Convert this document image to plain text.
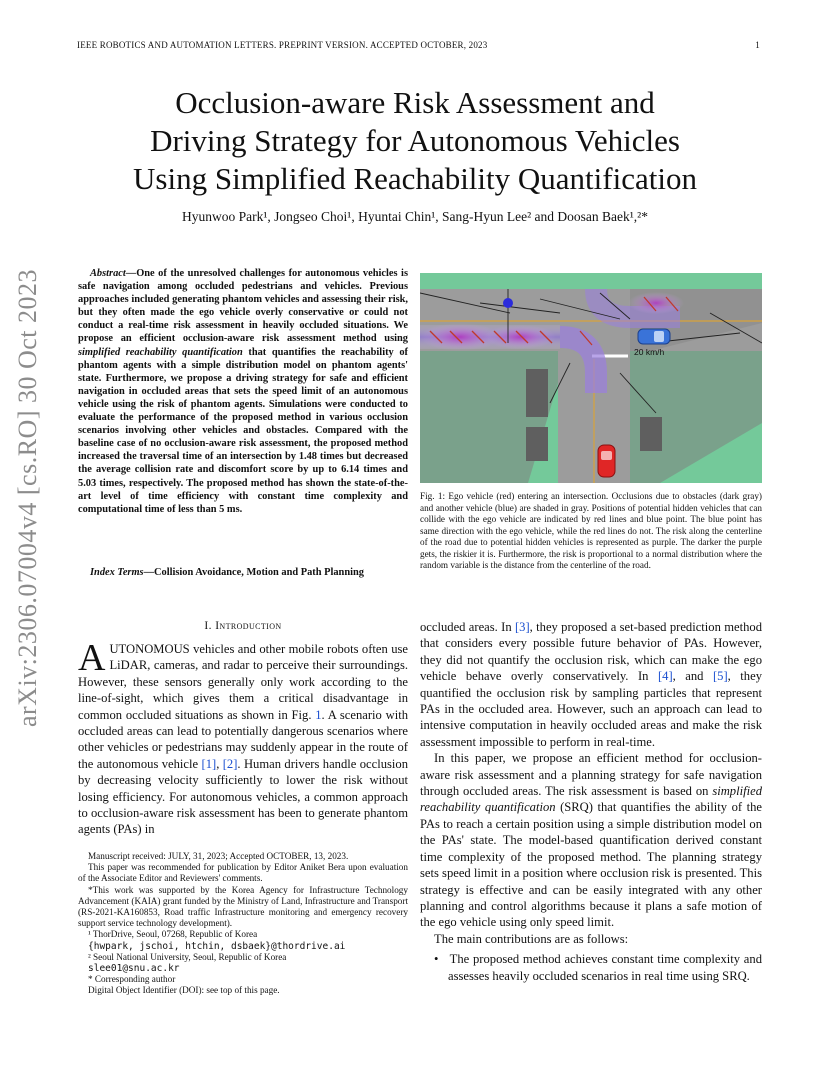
IEEE ROBOTICS AND AUTOMATION LETTERS. PREPRINT VERSION. ACCEPTED OCTOBER, 2023	1
Occlusion-aware Risk Assessment and
Driving Strategy for Autonomous Vehicles
Using Simplified Reachability Quantification
Hyunwoo Park¹, Jongseo Choi¹, Hyuntai Chin¹, Sang-Hyun Lee² and Doosan Baek¹,²*
arXiv:2306.07004v4 [cs.RO] 30 Oct 2023	Abstract—One of the unresolved challenges for autonomous vehicles is safe navigation among occluded pedestrians and vehicles. Previous approaches included generating phantom vehicles and assessing their risk, but they often made the ego vehicle overly conservative or could not conduct a real-time risk assessment in heavily occluded situations. We propose an efficient occlusion-aware risk assessment method using simplified reachability quantification that quantifies the reachability of phantom agents with a simple distribution model on phantom agents' state. Furthermore, we propose a driving strategy for safe and efficient navigation in occluded areas that sets the speed limit of an autonomous vehicle using the risk of phantom agents. Simulations were conducted to evaluate the performance of the proposed method in various occlusion scenarios involving other vehicles and obstacles. Compared with the baseline case of no occlusion-aware risk assessment, the proposed method increased the traversal time of an intersection by 1.48 times but decreased the average collision rate and discomfort score by up to 6.14 times and 5.03 times, respectively. The proposed method has shown the state-of-the-art level of time efficiency with constant time complexity and computational time of less than 5 ms.
Index Terms—Collision Avoidance, Motion and Path Planning
20 km/h
Fig. 1: Ego vehicle (red) entering an intersection. Occlusions due to obstacles (dark gray) and another vehicle (blue) are shaded in gray. Positions of potential hidden vehicles that can collide with the ego vehicle are indicated by red lines and blue point. The blue point has same direction with the ego vehicle, while the red lines do not. The risk along the centerline of the road due to potential hidden vehicles is represented as purple. The darker the purple gets, the riskier it is. Furthermore, the risk is proportional to a normal distribution where the random variable is the distance from the centerline of the road.
I. Introduction
AUTONOMOUS vehicles and other mobile robots often use LiDAR, cameras, and radar to perceive their surroundings. However, these sensors generally only work according to the line-of-sight, which gives them a critical disadvantage in common occluded situations as shown in Fig. 1. A scenario with occluded areas can lead to potentially dangerous scenarios where other vehicles or pedestrians may suddenly appear in the route of the autonomous vehicle [1], [2]. Human drivers handle occlusion by decreasing velocity sufficiently to lower the risk without losing efficiency. For autonomous vehicles, a common approach to occlusion-aware risk assessment has been to generate phantom agents (PAs) in

Manuscript received: JULY, 31, 2023; Accepted OCTOBER, 13, 2023.

This paper was recommended for publication by Editor Aniket Bera upon evaluation of the Associate Editor and Reviewers' comments.

*This work was supported by the Korea Agency for Infrastructure Technology Advancement (KAIA) grant funded by the Ministry of Land, Infrastructure and Transport (RS-2021-KA160853, Road traffic Infrastructure monitoring and emergency recovery support service technology development).

¹ ThorDrive, Seoul, 07268, Republic of Korea

{hwpark, jschoi, htchin, dsbaek}@thordrive.ai

² Seoul National University, Seoul, Republic of Korea

slee01@snu.ac.kr

* Corresponding author

Digital Object Identifier (DOI): see top of this page.

occluded areas. In [3], they proposed a set-based prediction method that considers every possible future behavior of PAs. However, they did not quantify the occlusion risk, which can make the ego vehicle behave overly conservatively. In [4], and [5], they quantified the occlusion risk by sampling particles that represent PAs in the occluded area. However, such an approach can lead to intensive computation in heavily occluded areas and make the risk assessment impossible to perform in real-time.

In this paper, we propose an efficient method for occlusion-aware risk assessment and a planning strategy for safe navigation through occluded areas. The risk assessment is based on simplified reachability quantification (SRQ) that quantifies the ability of the PAs to reach a certain position using a simple distribution model on the PAs' state. The model-based quantification derived constant time complexity of the proposed method. The planning strategy sets speed limit in a position where occlusion risk is presented. This strategy is effective and can be easily integrated with any other planning and control algorithms because it plans a safe motion of the ego vehicle using only speed limit.

The main contributions are as follows:

•   The proposed method achieves constant time complexity and assesses heavily occluded scenarios in real time using SRQ.
